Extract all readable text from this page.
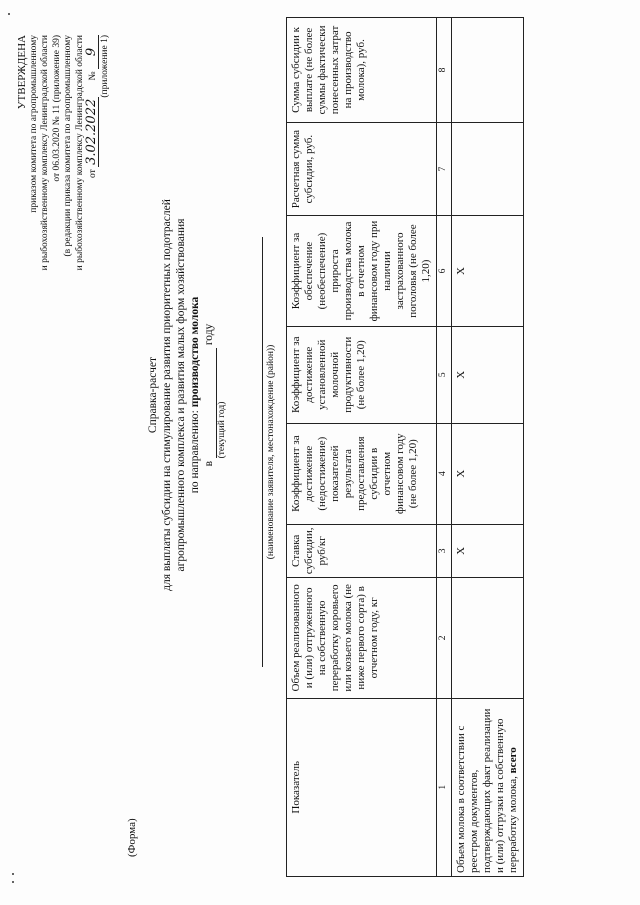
УТВЕРЖДЕНА приказом комитета по агропромышленному и рыбохозяйственному комплексу Ленинградской области от 06.03.2020 № 11 (приложение 39) (в редакции приказа комитета по агропромышленному и рыбохозяйственному комплексу Ленинградской области от 3.02.2022 № 9 (приложение 1)
(Форма)
Справка-расчет для выплаты субсидии на стимулирование развития приоритетных подотраслей агропромышленного комплекса и развития малых форм хозяйствования по направлению: производство молока
в   году
(текущий год)	(наименование заявителя, местонахождение (район))
Показатель	Объем реализованного и (или) отгруженного на собственную переработку коровьего или козьего молока (не ниже первого сорта) в отчетном году, кг	Ставка субсидии, руб/кг	Коэффициент за достижение (недостижение) показателей результата предоставления субсидии в отчетном финансовом году (не более 1,20)	Коэффициент за достижение установленной молочной продуктивности (не более 1,20)	Коэффициент за обеспечение (необеспечение) прироста производства молока в отчетном финансовом году при наличии застрахованного поголовья (не более 1,20)	Расчетная сумма субсидии, руб.	Сумма субсидии к выплате (не более суммы фактически понесенных затрат на производство молока), руб.
1	2	3	4	5	6	7	8
Объем молока в соответствии с реестром документов, подтверждающих факт реализации и (или) отгрузки на собственную переработку молока, всего		Х	Х	Х	Х		
